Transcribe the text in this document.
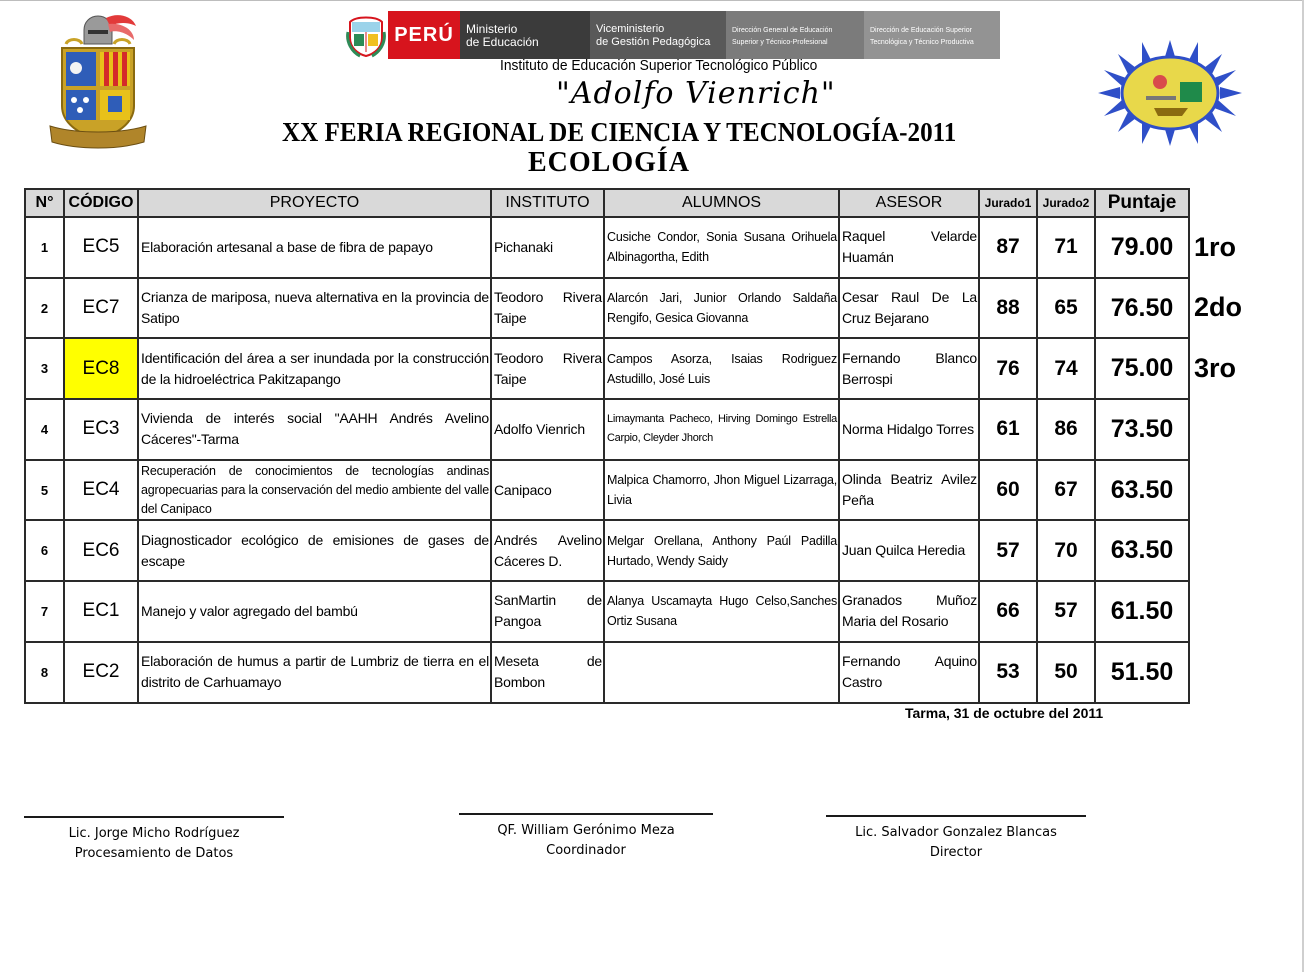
PERÚ	Ministerio
de Educación
Viceministerio
de Gestión Pedagógica
Dirección General de Educación
Superior y Técnico-Profesional
Dirección de Educación Superior
Tecnológica y Técnico Productiva
Instituto de Educación Superior Tecnológico Público
"Adolfo Vienrich"
XX FERIA REGIONAL DE CIENCIA Y TECNOLOGÍA-2011
ECOLOGÍA
N°	CÓDIGO	PROYECTO	INSTITUTO	ALUMNOS	ASESOR	Jurado1	Jurado2	Puntaje
1	EC5	Elaboración artesanal a base de fibra de papayo	Pichanaki	Cusiche Condor, Sonia Susana Orihuela Albinagortha, Edith	Raquel Velarde Huamán	87	71	79.00
2	EC7	Crianza de mariposa, nueva alternativa en la provincia de Satipo	Teodoro Rivera Taipe	Alarcón Jari, Junior Orlando Saldaña Rengifo, Gesica Giovanna	Cesar Raul De La Cruz Bejarano	88	65	76.50
3	EC8	Identificación del área a ser inundada por la construcción de la hidroeléctrica Pakitzapango	Teodoro Rivera Taipe	Campos Asorza, Isaias Rodriguez Astudillo, José Luis	Fernando Blanco Berrospi	76	74	75.00
4	EC3	Vivienda de interés social "AAHH Andrés Avelino Cáceres"-Tarma	Adolfo Vienrich	Limaymanta Pacheco, Hirving Domingo Estrella Carpio, Cleyder Jhorch	Norma Hidalgo Torres	61	86	73.50
5	EC4	Recuperación de conocimientos de tecnologías andinas agropecuarias para la conservación del medio ambiente del valle del Canipaco	Canipaco	Malpica Chamorro, Jhon Miguel Lizarraga, Livia	Olinda Beatriz Avilez Peña	60	67	63.50
6	EC6	Diagnosticador ecológico de emisiones de gases de escape	Andrés Avelino Cáceres D.	Melgar Orellana, Anthony Paúl Padilla Hurtado, Wendy Saidy	Juan Quilca Heredia	57	70	63.50
7	EC1	Manejo y valor agregado del bambú	SanMartin de Pangoa	Alanya Uscamayta Hugo Celso,Sanches Ortiz Susana	Granados Muñoz Maria del Rosario	66	57	61.50
8	EC2	Elaboración de humus a partir de Lumbriz de tierra en el distrito de Carhuamayo	Meseta de Bombon		Fernando Aquino Castro	53	50	51.50
1ro
2do
3ro
Tarma, 31 de octubre del 2011
Lic. Jorge Micho Rodríguez
Procesamiento de Datos
QF. William Gerónimo Meza
Coordinador
Lic. Salvador Gonzalez Blancas
Director
